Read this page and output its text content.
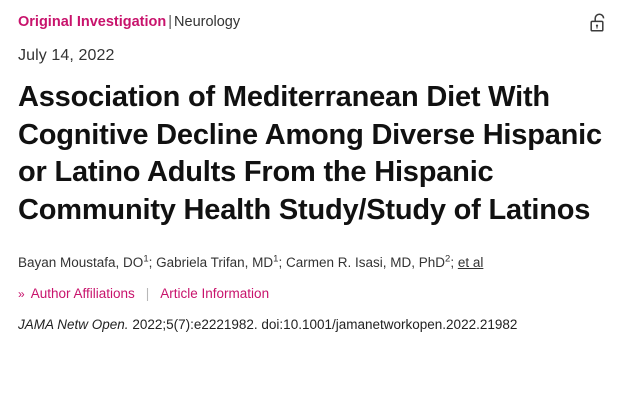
Original Investigation | Neurology
July 14, 2022
Association of Mediterranean Diet With Cognitive Decline Among Diverse Hispanic or Latino Adults From the Hispanic Community Health Study/Study of Latinos
Bayan Moustafa, $DO^1$; Gabriela Trifan, $MD^1$; Carmen R. Isasi, MD, PhD$^2$; et al
» Author Affiliations | Article Information
JAMA Netw Open. 2022;5(7):e2221982. doi:10.1001/jamanetworkopen.2022.21982
